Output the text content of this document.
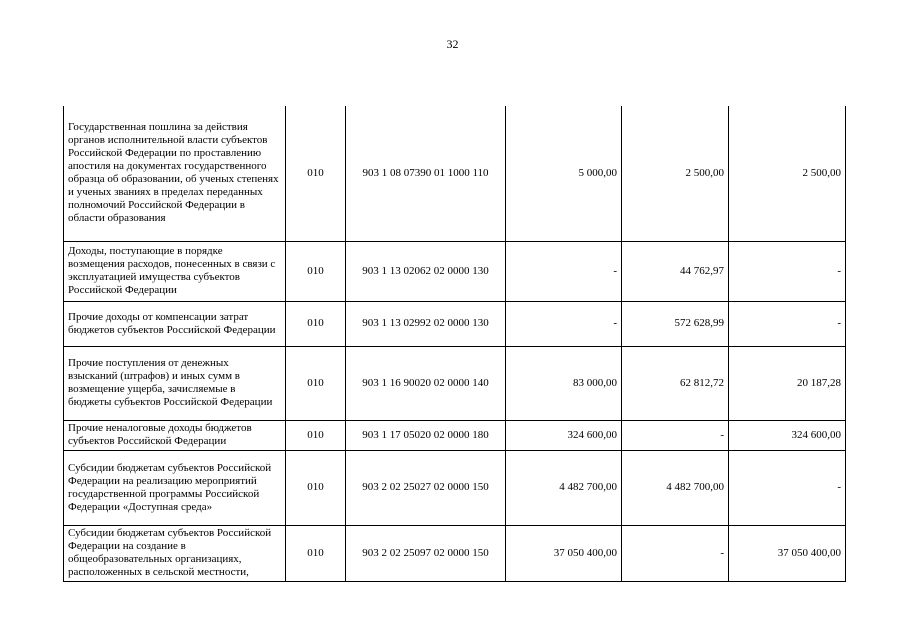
32
Государственная пошлина за действия органов исполнительной власти субъектов Российской Федерации по проставлению апостиля на документах государственного образца об образовании, об ученых степенях и ученых званиях в пределах переданных полномочий Российской Федерации в области образования	010	903 1 08 07390 01 1000 110	5 000,00	2 500,00	2 500,00
Доходы, поступающие в порядке возмещения расходов, понесенных в связи с эксплуатацией имущества субъектов Российской Федерации	010	903 1 13 02062 02 0000 130	-	44 762,97	-
Прочие доходы от компенсации затрат бюджетов субъектов Российской Федерации	010	903 1 13 02992 02 0000 130	-	572 628,99	-
Прочие поступления от денежных взысканий (штрафов) и иных сумм в возмещение ущерба, зачисляемые в бюджеты субъектов Российской Федерации	010	903 1 16 90020 02 0000 140	83 000,00	62 812,72	20 187,28
Прочие неналоговые доходы бюджетов субъектов Российской Федерации	010	903 1 17 05020 02 0000 180	324 600,00	-	324 600,00
Субсидии бюджетам субъектов Российской Федерации на реализацию мероприятий государственной программы Российской Федерации «Доступная среда»	010	903 2 02 25027 02 0000 150	4 482 700,00	4 482 700,00	-
Субсидии бюджетам субъектов Российской Федерации на создание в общеобразовательных организациях, расположенных в сельской местности,	010	903 2 02 25097 02 0000 150	37 050 400,00	-	37 050 400,00
